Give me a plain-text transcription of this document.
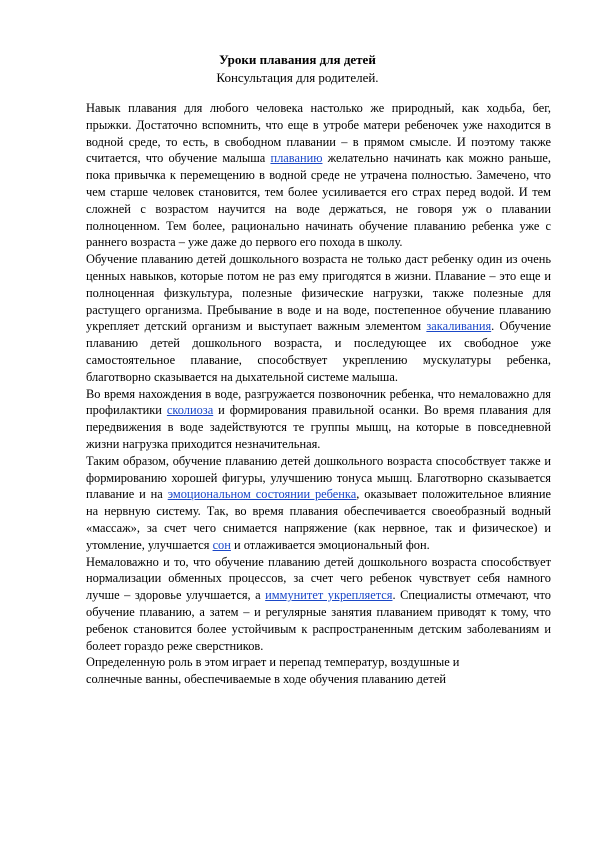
Уроки плавания для детей
Консультация для родителей.

Навык плавания для любого человека настолько же природный, как ходьба, бег, прыжки. Достаточно вспомнить, что еще в утробе матери ребеночек уже находится в водной среде, то есть, в свободном плавании – в прямом смысле. И поэтому также считается, что обучение малыша плаванию желательно начинать как можно раньше, пока привычка к перемещению в водной среде не утрачена полностью. Замечено, что чем старше человек становится, тем более усиливается его страх перед водой. И тем сложней с возрастом научится на воде держаться, не говоря уж о плавании полноценном. Тем более, рационально начинать обучение плаванию ребенка уже с раннего возраста – уже даже до первого его похода в школу.

Обучение плаванию детей дошкольного возраста не только даст ребенку один из очень ценных навыков, которые потом не раз ему пригодятся в жизни. Плавание – это еще и полноценная физкультура, полезные физические нагрузки, также полезные для растущего организма. Пребывание в воде и на воде, постепенное обучение плаванию укрепляет детский организм и выступает важным элементом закаливания. Обучение плаванию детей дошкольного возраста, и последующее их свободное уже самостоятельное плавание, способствует укреплению мускулатуры ребенка, благотворно сказывается на дыхательной системе малыша.

Во время нахождения в воде, разгружается позвоночник ребенка, что немаловажно для профилактики сколиоза и формирования правильной осанки. Во время плавания для передвижения в воде задействуются те группы мышц, на которые в повседневной жизни нагрузка приходится незначительная.

Таким образом, обучение плаванию детей дошкольного возраста способствует также и формированию хорошей фигуры, улучшению тонуса мышц. Благотворно сказывается плавание и на эмоциональном состоянии ребенка, оказывает положительное влияние на нервную систему. Так, во время плавания обеспечивается своеобразный водный «массаж», за счет чего снимается напряжение (как нервное, так и физическое) и утомление, улучшается сон и отлаживается эмоциональный фон.

Немаловажно и то, что обучение плаванию детей дошкольного возраста способствует нормализации обменных процессов, за счет чего ребенок чувствует себя намного лучше – здоровье улучшается, а иммунитет укрепляется. Специалисты отмечают, что обучение плаванию, а затем – и регулярные занятия плаванием приводят к тому, что ребенок становится более устойчивым к распространенным детским заболеваниям и болеет гораздо реже сверстников.

Определенную роль в этом играет и перепад температур, воздушные и
солнечные ванны, обеспечиваемые в ходе обучения плаванию детей
